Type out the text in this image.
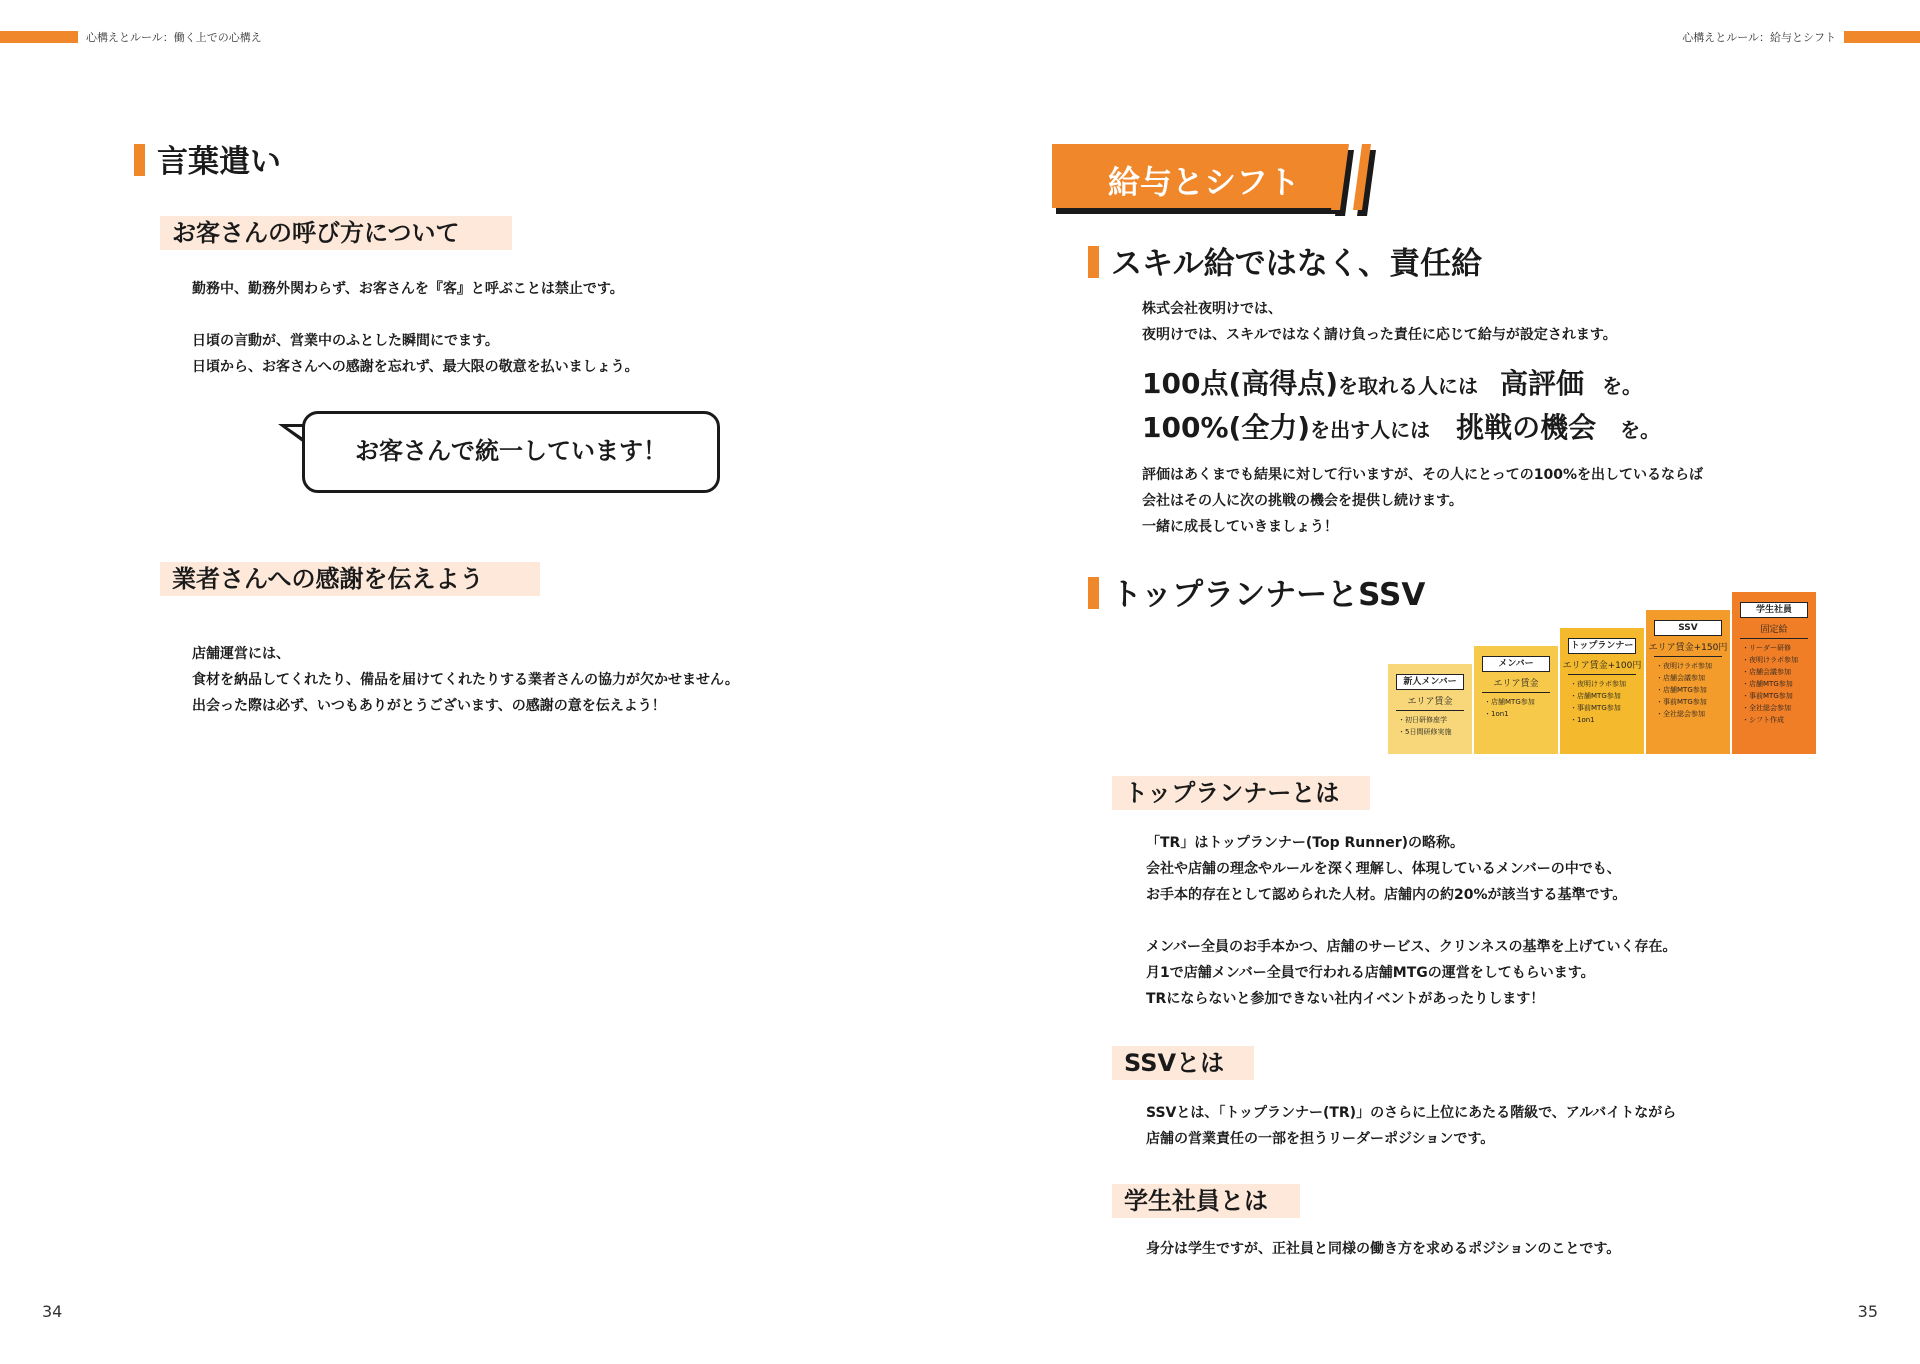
心構えとルール：働く上での心構え	心構えとルール：給与とシフト
言葉遣い
お客さんの呼び方について
勤務中、勤務外関わらず、お客さんを『客』と呼ぶことは禁止です。
日頃の言動が、営業中のふとした瞬間にでます。
日頃から、お客さんへの感謝を忘れず、最大限の敬意を払いましょう。
お客さんで統一しています！
業者さんへの感謝を伝えよう
店舗運営には、
食材を納品してくれたり、備品を届けてくれたりする業者さんの協力が欠かせません。
出会った際は必ず、いつもありがとうございます、の感謝の意を伝えよう！
34
給与とシフト
スキル給ではなく、責任給
株式会社夜明けでは、
夜明けでは、スキルではなく請け負った責任に応じて給与が設定されます。
100点(高得点)を取れる人には 高評価 を。
100%(全力)を出す人には 挑戦の機会 を。
評価はあくまでも結果に対して行いますが、その人にとっての100%を出しているならば
会社はその人に次の挑戦の機会を提供し続けます。
一緒に成長していきましょう！
トップランナーとSSV
新人メンバー
エリア賃金
・初日研修座学
・5日間研修実施
メンバー
エリア賃金
・店舗MTG参加
・1on1
トップランナー
エリア賃金+100円
・夜明けラボ参加
・店舗MTG参加
・事前MTG参加
・1on1
SSV
エリア賃金+150円
・夜明けラボ参加
・店舗会議参加
・店舗MTG参加
・事前MTG参加
・全社総会参加
学生社員
固定給
・リーダー研修
・夜明けラボ参加
・店舗会議参加
・店舗MTG参加
・事前MTG参加
・全社総会参加
・シフト作成
トップランナーとは
「TR」はトップランナー(Top Runner)の略称。
会社や店舗の理念やルールを深く理解し、体現しているメンバーの中でも、
お手本的存在として認められた人材。店舗内の約20%が該当する基準です。
メンバー全員のお手本かつ、店舗のサービス、クリンネスの基準を上げていく存在。
月1で店舗メンバー全員で行われる店舗MTGの運営をしてもらいます。
TRにならないと参加できない社内イベントがあったりします！
SSVとは
SSVとは、「トップランナー(TR)」のさらに上位にあたる階級で、アルバイトながら
店舗の営業責任の一部を担うリーダーポジションです。
学生社員とは
身分は学生ですが、正社員と同様の働き方を求めるポジションのことです。
35
